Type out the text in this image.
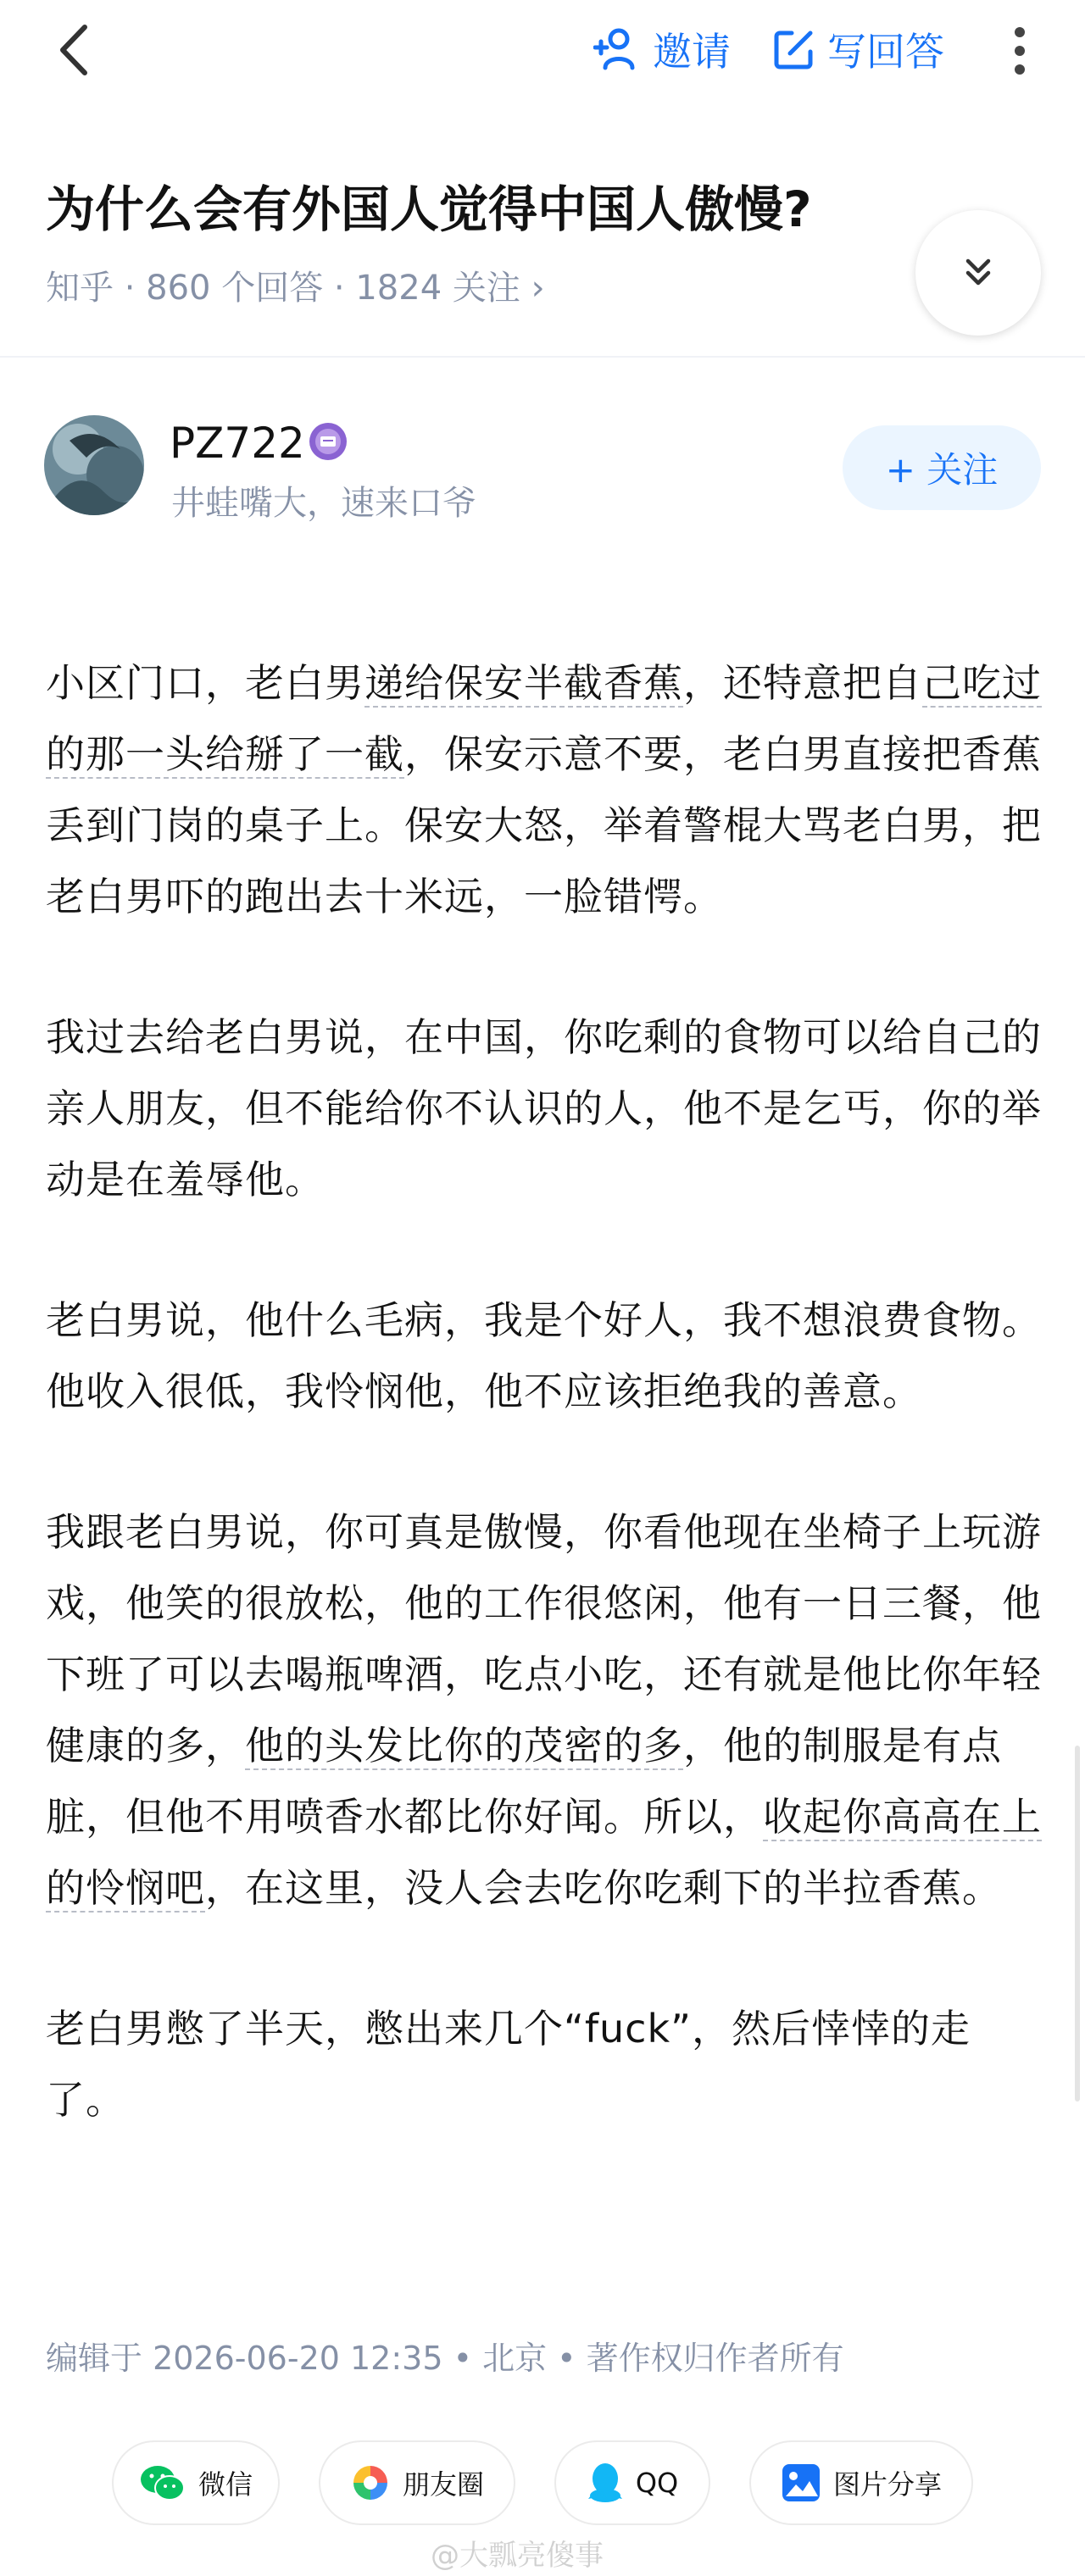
邀请 写回答
为什么会有外国人觉得中国人傲慢?
知乎 · 860 个回答 · 1824 关注 ›
PZ722
井蛙嘴大，速来口爷
+ 关注

小区门口，老白男递给保安半截香蕉，还特意把自己吃过的那一头给掰了一截，保安示意不要，老白男直接把香蕉丢到门岗的桌子上。保安大怒，举着警棍大骂老白男，把老白男吓的跑出去十米远，一脸错愕。

我过去给老白男说，在中国，你吃剩的食物可以给自己的亲人朋友，但不能给你不认识的人，他不是乞丐，你的举动是在羞辱他。

老白男说，他什么毛病，我是个好人，我不想浪费食物。他收入很低，我怜悯他，他不应该拒绝我的善意。

我跟老白男说，你可真是傲慢，你看他现在坐椅子上玩游戏，他笑的很放松，他的工作很悠闲，他有一日三餐，他下班了可以去喝瓶啤酒，吃点小吃，还有就是他比你年轻健康的多，他的头发比你的茂密的多，他的制服是有点脏，但他不用喷香水都比你好闻。所以，收起你高高在上的怜悯吧，在这里，没人会去吃你吃剩下的半拉香蕉。

老白男憋了半天，憋出来几个“fuck”，然后悻悻的走了。

编辑于 2026-06-20 12:35 • 北京 • 著作权归作者所有
微信	朋友圈	QQ	图片分享
@大瓢亮傻事
